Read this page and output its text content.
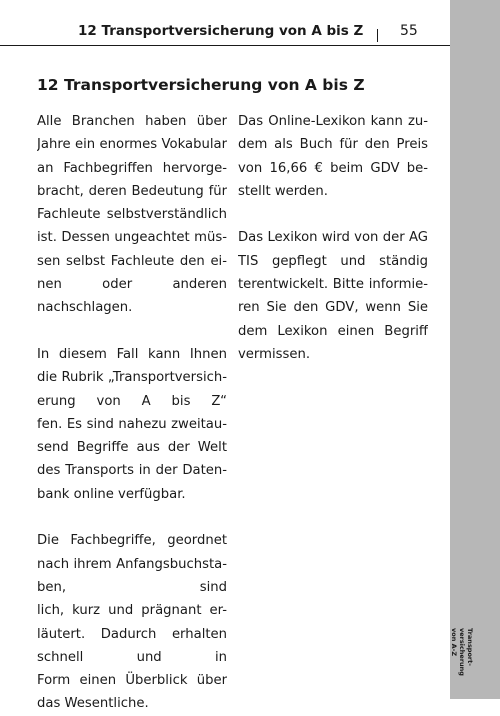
12 Transportversicherung von A bis Z	55
12 Transportversicherung von A bis Z
Alle Branchen haben über
Jahre ein enormes Vokabular
an Fachbegriffen hervorge-
bracht, deren Bedeutung für
Fachleute selbstverständlich
ist. Dessen ungeachtet müs-
sen selbst Fachleute den ei-
nen oder anderen
nachschlagen.
In diesem Fall kann Ihnen
die Rubrik „Transportversich-
erung von A bis Z“
fen. Es sind nahezu zweitau-
send Begriffe aus der Welt
des Transports in der Daten-
bank online verfügbar.
Die Fachbegriffe, geordnet
nach ihrem Anfangsbuchsta-
ben, sind
lich, kurz und prägnant er-
läutert. Dadurch erhalten
schnell und in
Form einen Überblick über
das Wesentliche.
Das Online-Lexikon kann zu-
dem als Buch für den Preis
von 16,66 € beim GDV be-
stellt werden.
Das Lexikon wird von der AG
TIS gepflegt und ständig
terentwickelt. Bitte informie-
ren Sie den GDV, wenn Sie
dem Lexikon einen Begriff
vermissen.
Transport-
versicherung
von A-Z
